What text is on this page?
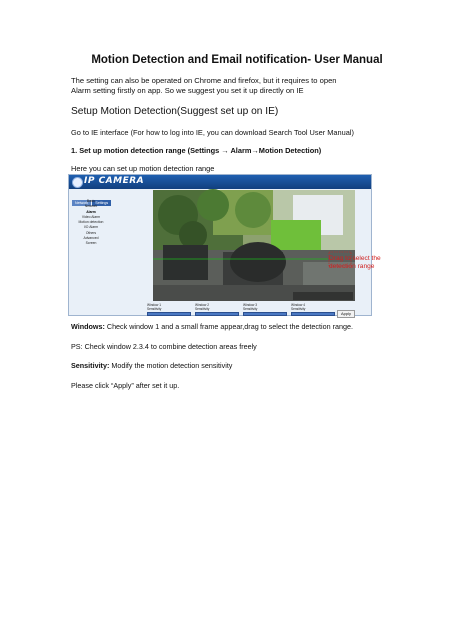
Motion Detection and Email notification- User Manual
The setting can also be operated on Chrome and firefox, but it requires to open
Alarm setting firstly on app. So we suggest you set it up directly on IE
Setup Motion Detection(Suggest set up on IE)

Go to IE interface (For how to log into IE, you can download Search Tool User Manual)

1. Set up motion detection range (Settings → Alarm→Motion Detection)

Here you can set up motion detection range

IP CAMERA
Network Settings
Basic
Network
Alarm
Video Alarm
Motion detection
I/O Alarm
Others
Advanced
Screen
Drag to select the
detection range
Window 1
Sensitivity
Window 2
Sensitivity
Window 3
Sensitivity
Window 4
Sensitivity
Apply

Windows: Check window 1 and a small frame appear,drag to select the detection range.

PS: Check window 2.3.4 to combine detection areas freely

Sensitivity: Modify the motion detection sensitivity

Please click “Apply” after set it up.
